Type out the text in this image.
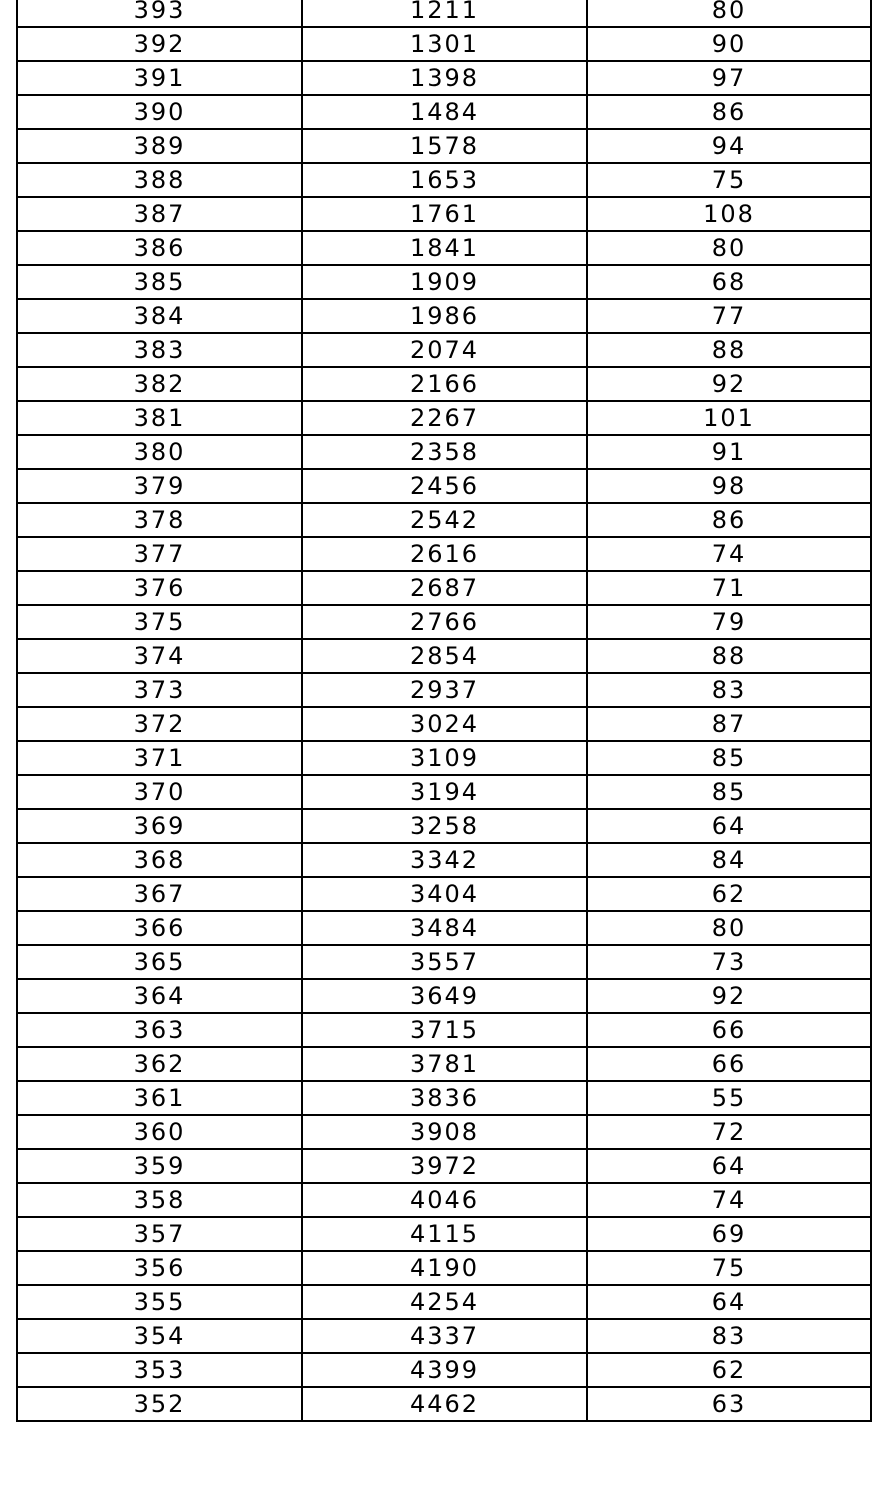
393	1211	80
392	1301	90
391	1398	97
390	1484	86
389	1578	94
388	1653	75
387	1761	108
386	1841	80
385	1909	68
384	1986	77
383	2074	88
382	2166	92
381	2267	101
380	2358	91
379	2456	98
378	2542	86
377	2616	74
376	2687	71
375	2766	79
374	2854	88
373	2937	83
372	3024	87
371	3109	85
370	3194	85
369	3258	64
368	3342	84
367	3404	62
366	3484	80
365	3557	73
364	3649	92
363	3715	66
362	3781	66
361	3836	55
360	3908	72
359	3972	64
358	4046	74
357	4115	69
356	4190	75
355	4254	64
354	4337	83
353	4399	62
352	4462	63
